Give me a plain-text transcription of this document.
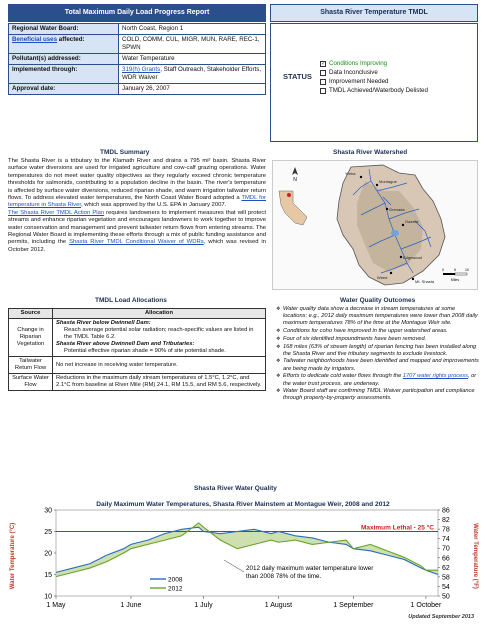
Total Maximum Daily Load Progress Report	Shasta River Temperature TMDL
Regional Water Board:	North Coast, Region 1
Beneficial uses affected:	COLD, COMM, CUL, MIGR, MUN, RARE, REC-1, SPWN
Pollutant(s) addressed:	Water Temperature
Implemented through:	319(h) Grants, Staff Outreach, Stakeholder Efforts, WDR Waiver
Approval date:	January 26, 2007
STATUS
✓ Conditions Improving
Data Inconclusive
Improvement Needed
TMDL Achieved/Waterbody Delisted
TMDL Summary

The Shasta River is a tributary to the Klamath River and drains a 795 mi² basin. Shasta River surface water diversions are used for irrigated agriculture and cow-calf grazing operations. Water temperatures do not meet water quality objectives as they regularly exceed chronic temperature thresholds for salmonids, contributing to a population decline in the basin. The river's temperature is affected by surface water diversions, reduced riparian shade, and warm irrigation tailwater return flows. To address elevated water temperatures, the North Coast Water Board adopted a TMDL for temperature in Shasta River, which was approved by the U.S. EPA in January 2007.

The Shasta River TMDL Action Plan requires landowners to implement measures that will protect streams and enhance riparian vegetation and encourages landowners to work together to improve water conservation and management and prevent tailwater return flows from entering streams. The Regional Water Board is implementing these efforts through a mix of public funding assistance and permits, including the Shasta River TMDL Conditional Waiver of WDRs, which was revised in October 2012.

Shasta River Watershed
N
Yreka
Montague
Grenada
Gazelle
Edgewood
Weed
Mt. Shasta
0	5	10
Miles
TMDL Load Allocations
Source	Allocation
Change in Riparian Vegetation	Shasta River below Dwinnell Dam:
Reach average potential solar radiation; reach-specific values are listed in the TMDL Table 6.2.
Shasta River above Dwinnell Dam and Tributaries:
Potential effective riparian shade = 90% of site potential shade.

Tailwater Return Flow	No net increase in receiving water temperature.
Surface Water Flow	Reductions in the maximum daily stream temperatures of 1.5°C, 1.2°C, and 2.1°C from baseline at River Mile (RM) 24.1, RM 15.5, and RM 5.6, respectively.
Water Quality Outcomes
❖ Water quality data show a decrease in stream temperatures at some locations; e.g., 2012 daily maximum temperatures were lower than 2008 daily maximum temperatures 78% of the time at the Montague Weir site.
❖ Conditions for coho have improved in the upper watershed areas.
❖ Four of six identified impoundments have been removed.
❖ 168 miles (63% of stream length) of riparian fencing has been installed along the Shasta River and five tributary segments to exclude livestock.
❖ Tailwater neighborhoods have been identified and mapped and improvements are being made by irrigators.
❖ Efforts to dedicate cold water flows through the 1707 water rights process, or the water trust process, are underway.
❖ Water Board staff are confirming TMDL Waiver participation and compliance through property-by-property assessments.
Shasta River Water Quality
Daily Maximum Water Temperatures, Shasta River Mainstem at Montague Weir, 2008 and 2012
Water Temperature (°C)	Water Temperature (°F)
10
15
20
25
30
50
54
58
62
66
70
74
78
82
86
1 May	1 June	1 July	1 August	1 September	1 October
Maximum Lethal - 25 °C
2008
2012
2012 daily maximum water temperature lower
than 2008 78% of the time.
Updated September 2013
